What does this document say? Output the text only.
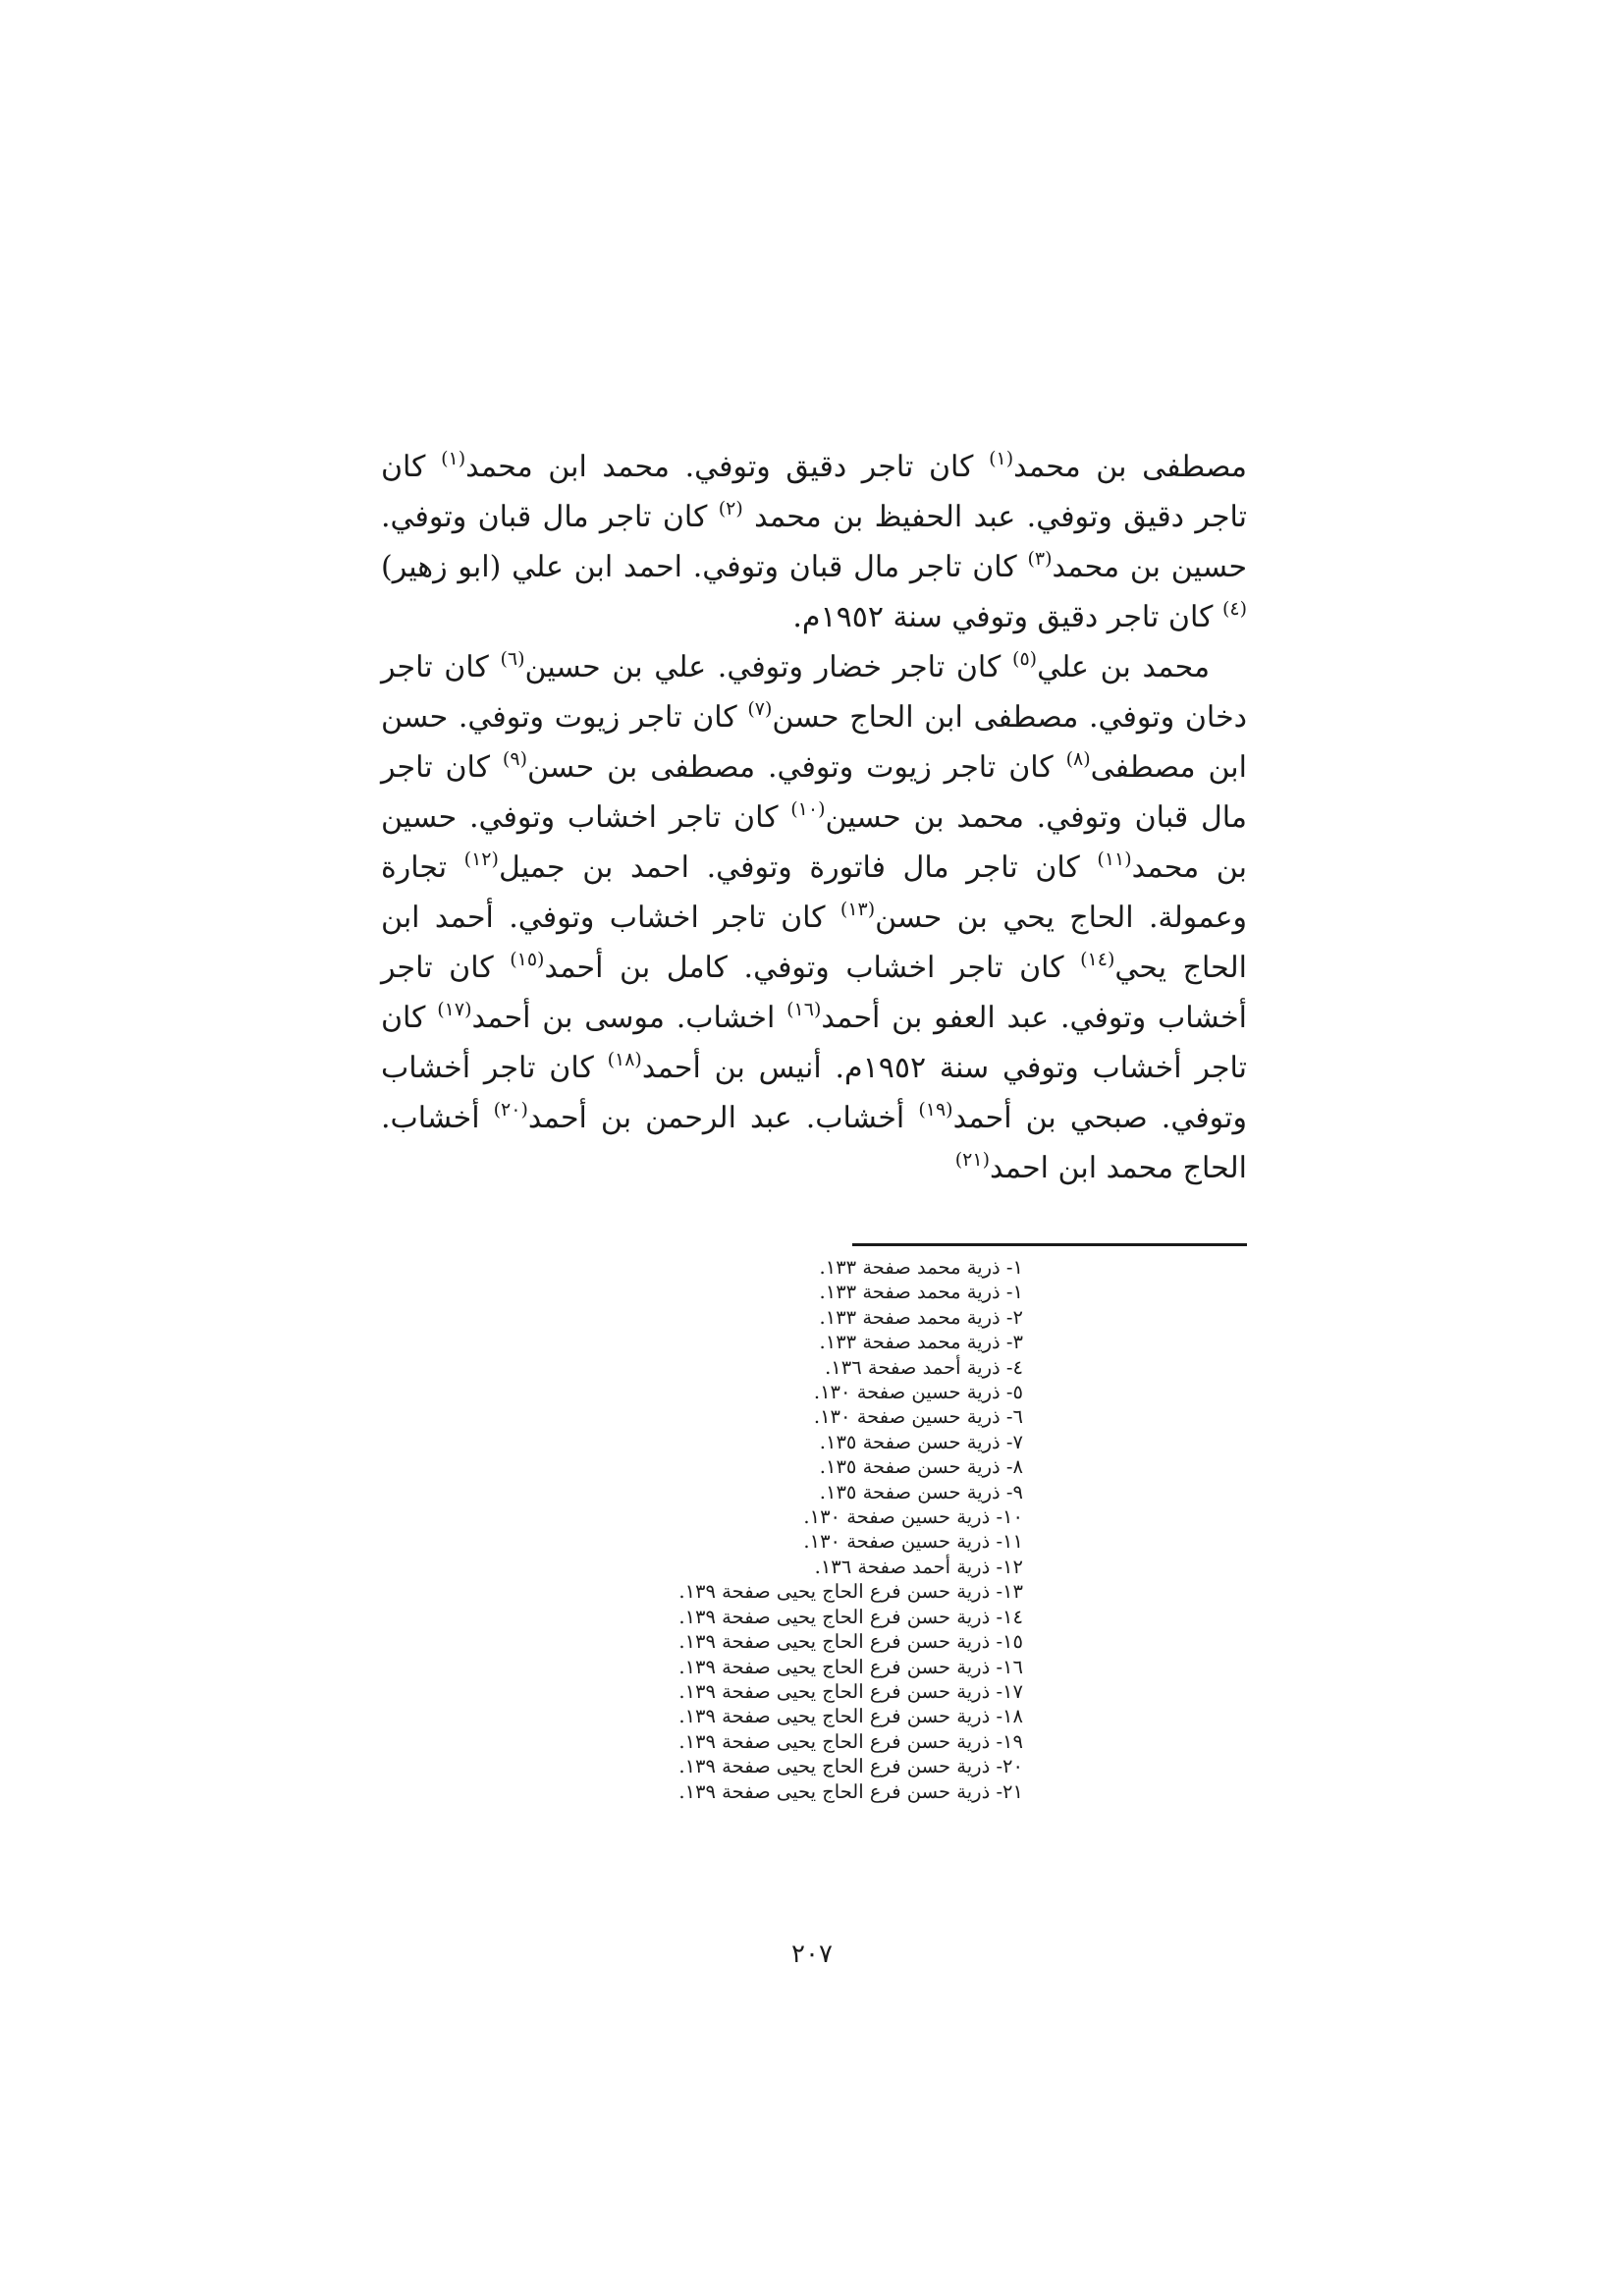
مصطفى بن محمد$^{(١)}$ كان تاجر دقيق وتوفي. محمد ابن محمد$^{(١)}$ كان تاجر دقيق وتوفي. عبد الحفيظ بن محمد $^{(٢)}$ كان تاجر مال قبان وتوفي. حسين بن محمد$^{(٣)}$ كان تاجر مال قبان وتوفي. احمد ابن علي (ابو زهير) $^{(٤)}$ كان تاجر دقيق وتوفي سنة ١٩٥٢م.

محمد بن علي$^{(٥)}$ كان تاجر خضار وتوفي. علي بن حسين$^{(٦)}$ كان تاجر دخان وتوفي. مصطفى ابن الحاج حسن$^{(٧)}$ كان تاجر زيوت وتوفي. حسن ابن مصطفى$^{(٨)}$ كان تاجر زيوت وتوفي. مصطفى بن حسن$^{(٩)}$ كان تاجر مال قبان وتوفي. محمد بن حسين$^{(١٠)}$ كان تاجر اخشاب وتوفي. حسين بن محمد$^{(١١)}$ كان تاجر مال فاتورة وتوفي. احمد بن جميل$^{(١٢)}$ تجارة وعمولة. الحاج يحي بن حسن$^{(١٣)}$ كان تاجر اخشاب وتوفي. أحمد ابن الحاج يحي$^{(١٤)}$ كان تاجر اخشاب وتوفي. كامل بن أحمد$^{(١٥)}$ كان تاجر أخشاب وتوفي. عبد العفو بن أحمد$^{(١٦)}$ اخشاب. موسى بن أحمد$^{(١٧)}$ كان تاجر أخشاب وتوفي سنة ١٩٥٢م. أنيس بن أحمد$^{(١٨)}$ كان تاجر أخشاب وتوفي. صبحي بن أحمد$^{(١٩)}$ أخشاب. عبد الرحمن بن أحمد$^{(٢٠)}$ أخشاب. الحاج محمد ابن احمد$^{(٢١)}$

١- ذرية محمد صفحة ١٣٣.
١- ذرية محمد صفحة ١٣٣.
٢- ذرية محمد صفحة ١٣٣.
٣- ذرية محمد صفحة ١٣٣.
٤- ذرية أحمد صفحة ١٣٦.
٥- ذرية حسين صفحة ١٣٠.
٦- ذرية حسين صفحة ١٣٠.
٧- ذرية حسن صفحة ١٣٥.
٨- ذرية حسن صفحة ١٣٥.
٩- ذرية حسن صفحة ١٣٥.
١٠- ذرية حسين صفحة ١٣٠.
١١- ذرية حسين صفحة ١٣٠.
١٢- ذرية أحمد صفحة ١٣٦.
١٣- ذرية حسن فرع الحاج يحيى صفحة ١٣٩.
١٤- ذرية حسن فرع الحاج يحيى صفحة ١٣٩.
١٥- ذرية حسن فرع الحاج يحيى صفحة ١٣٩.
١٦- ذرية حسن فرع الحاج يحيى صفحة ١٣٩.
١٧- ذرية حسن فرع الحاج يحيى صفحة ١٣٩.
١٨- ذرية حسن فرع الحاج يحيى صفحة ١٣٩.
١٩- ذرية حسن فرع الحاج يحيى صفحة ١٣٩.
٢٠- ذرية حسن فرع الحاج يحيى صفحة ١٣٩.
٢١- ذرية حسن فرع الحاج يحيى صفحة ١٣٩.
٢٠٧
